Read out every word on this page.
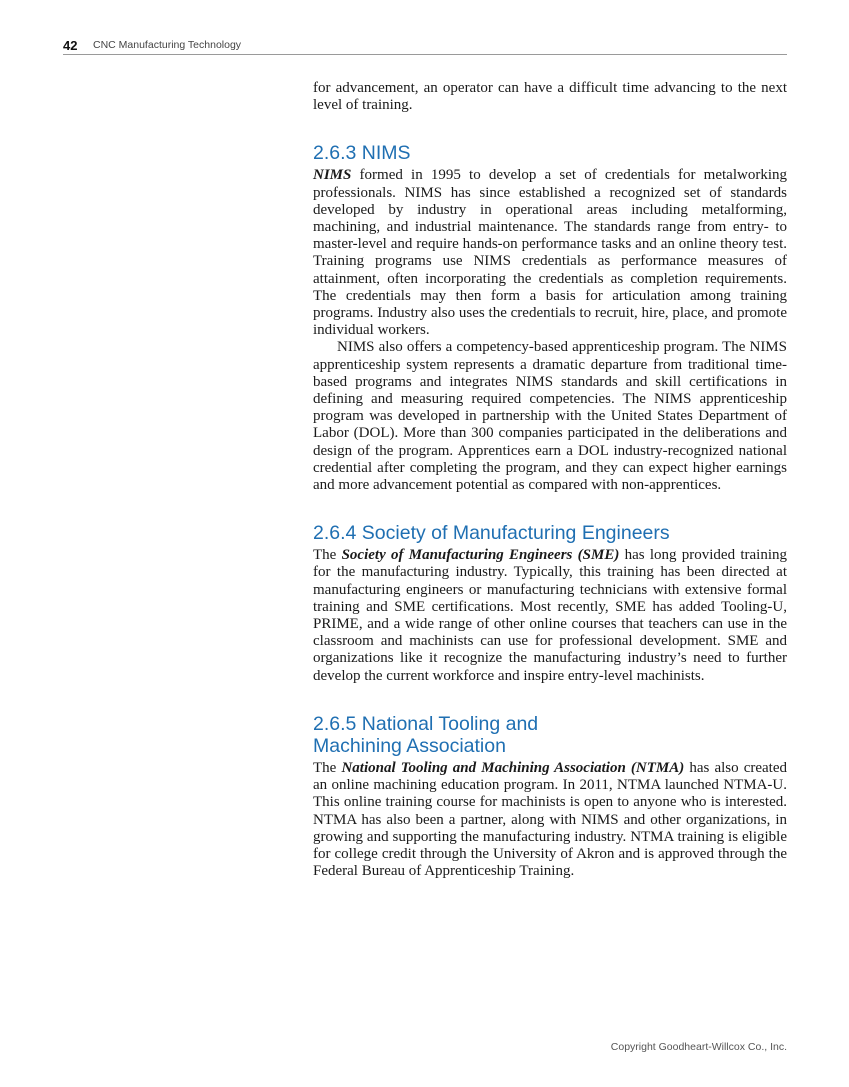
42 CNC Manufacturing Technology

for advancement, an operator can have a difficult time advancing to the next level of training.

2.6.3 NIMS

NIMS formed in 1995 to develop a set of credentials for metalworking professionals. NIMS has since established a recognized set of standards developed by industry in operational areas including metalforming, machining, and industrial maintenance. The standards range from entry- to master-level and require hands-on performance tasks and an online theory test. Training programs use NIMS credentials as performance measures of attainment, often incorporating the credentials as completion requirements. The credentials may then form a basis for articulation among training programs. Industry also uses the credentials to recruit, hire, place, and promote individual workers.

NIMS also offers a competency-based apprenticeship program. The NIMS apprenticeship system represents a dramatic departure from traditional time-based programs and integrates NIMS standards and skill certifications in defining and measuring required competencies. The NIMS apprenticeship program was developed in partnership with the United States Department of Labor (DOL). More than 300 companies participated in the deliberations and design of the program. Apprentices earn a DOL industry-recognized national credential after completing the program, and they can expect higher earnings and more advancement potential as compared with non-apprentices.

2.6.4 Society of Manufacturing Engineers

The Society of Manufacturing Engineers (SME) has long provided training for the manufacturing industry. Typically, this training has been directed at manufacturing engineers or manufacturing technicians with extensive formal training and SME certifications. Most recently, SME has added Tooling-U, PRIME, and a wide range of other online courses that teachers can use in the classroom and machinists can use for professional development. SME and organizations like it recognize the manufacturing industry’s need to further develop the current workforce and inspire entry-level machinists.

2.6.5 National Tooling and
Machining Association

The National Tooling and Machining Association (NTMA) has also created an online machining education program. In 2011, NTMA launched NTMA-U. This online training course for machinists is open to anyone who is interested. NTMA has also been a partner, along with NIMS and other organizations, in growing and supporting the manufacturing industry. NTMA training is eligible for college credit through the University of Akron and is approved through the Federal Bureau of Apprenticeship Training.

Copyright Goodheart-Willcox Co., Inc.
